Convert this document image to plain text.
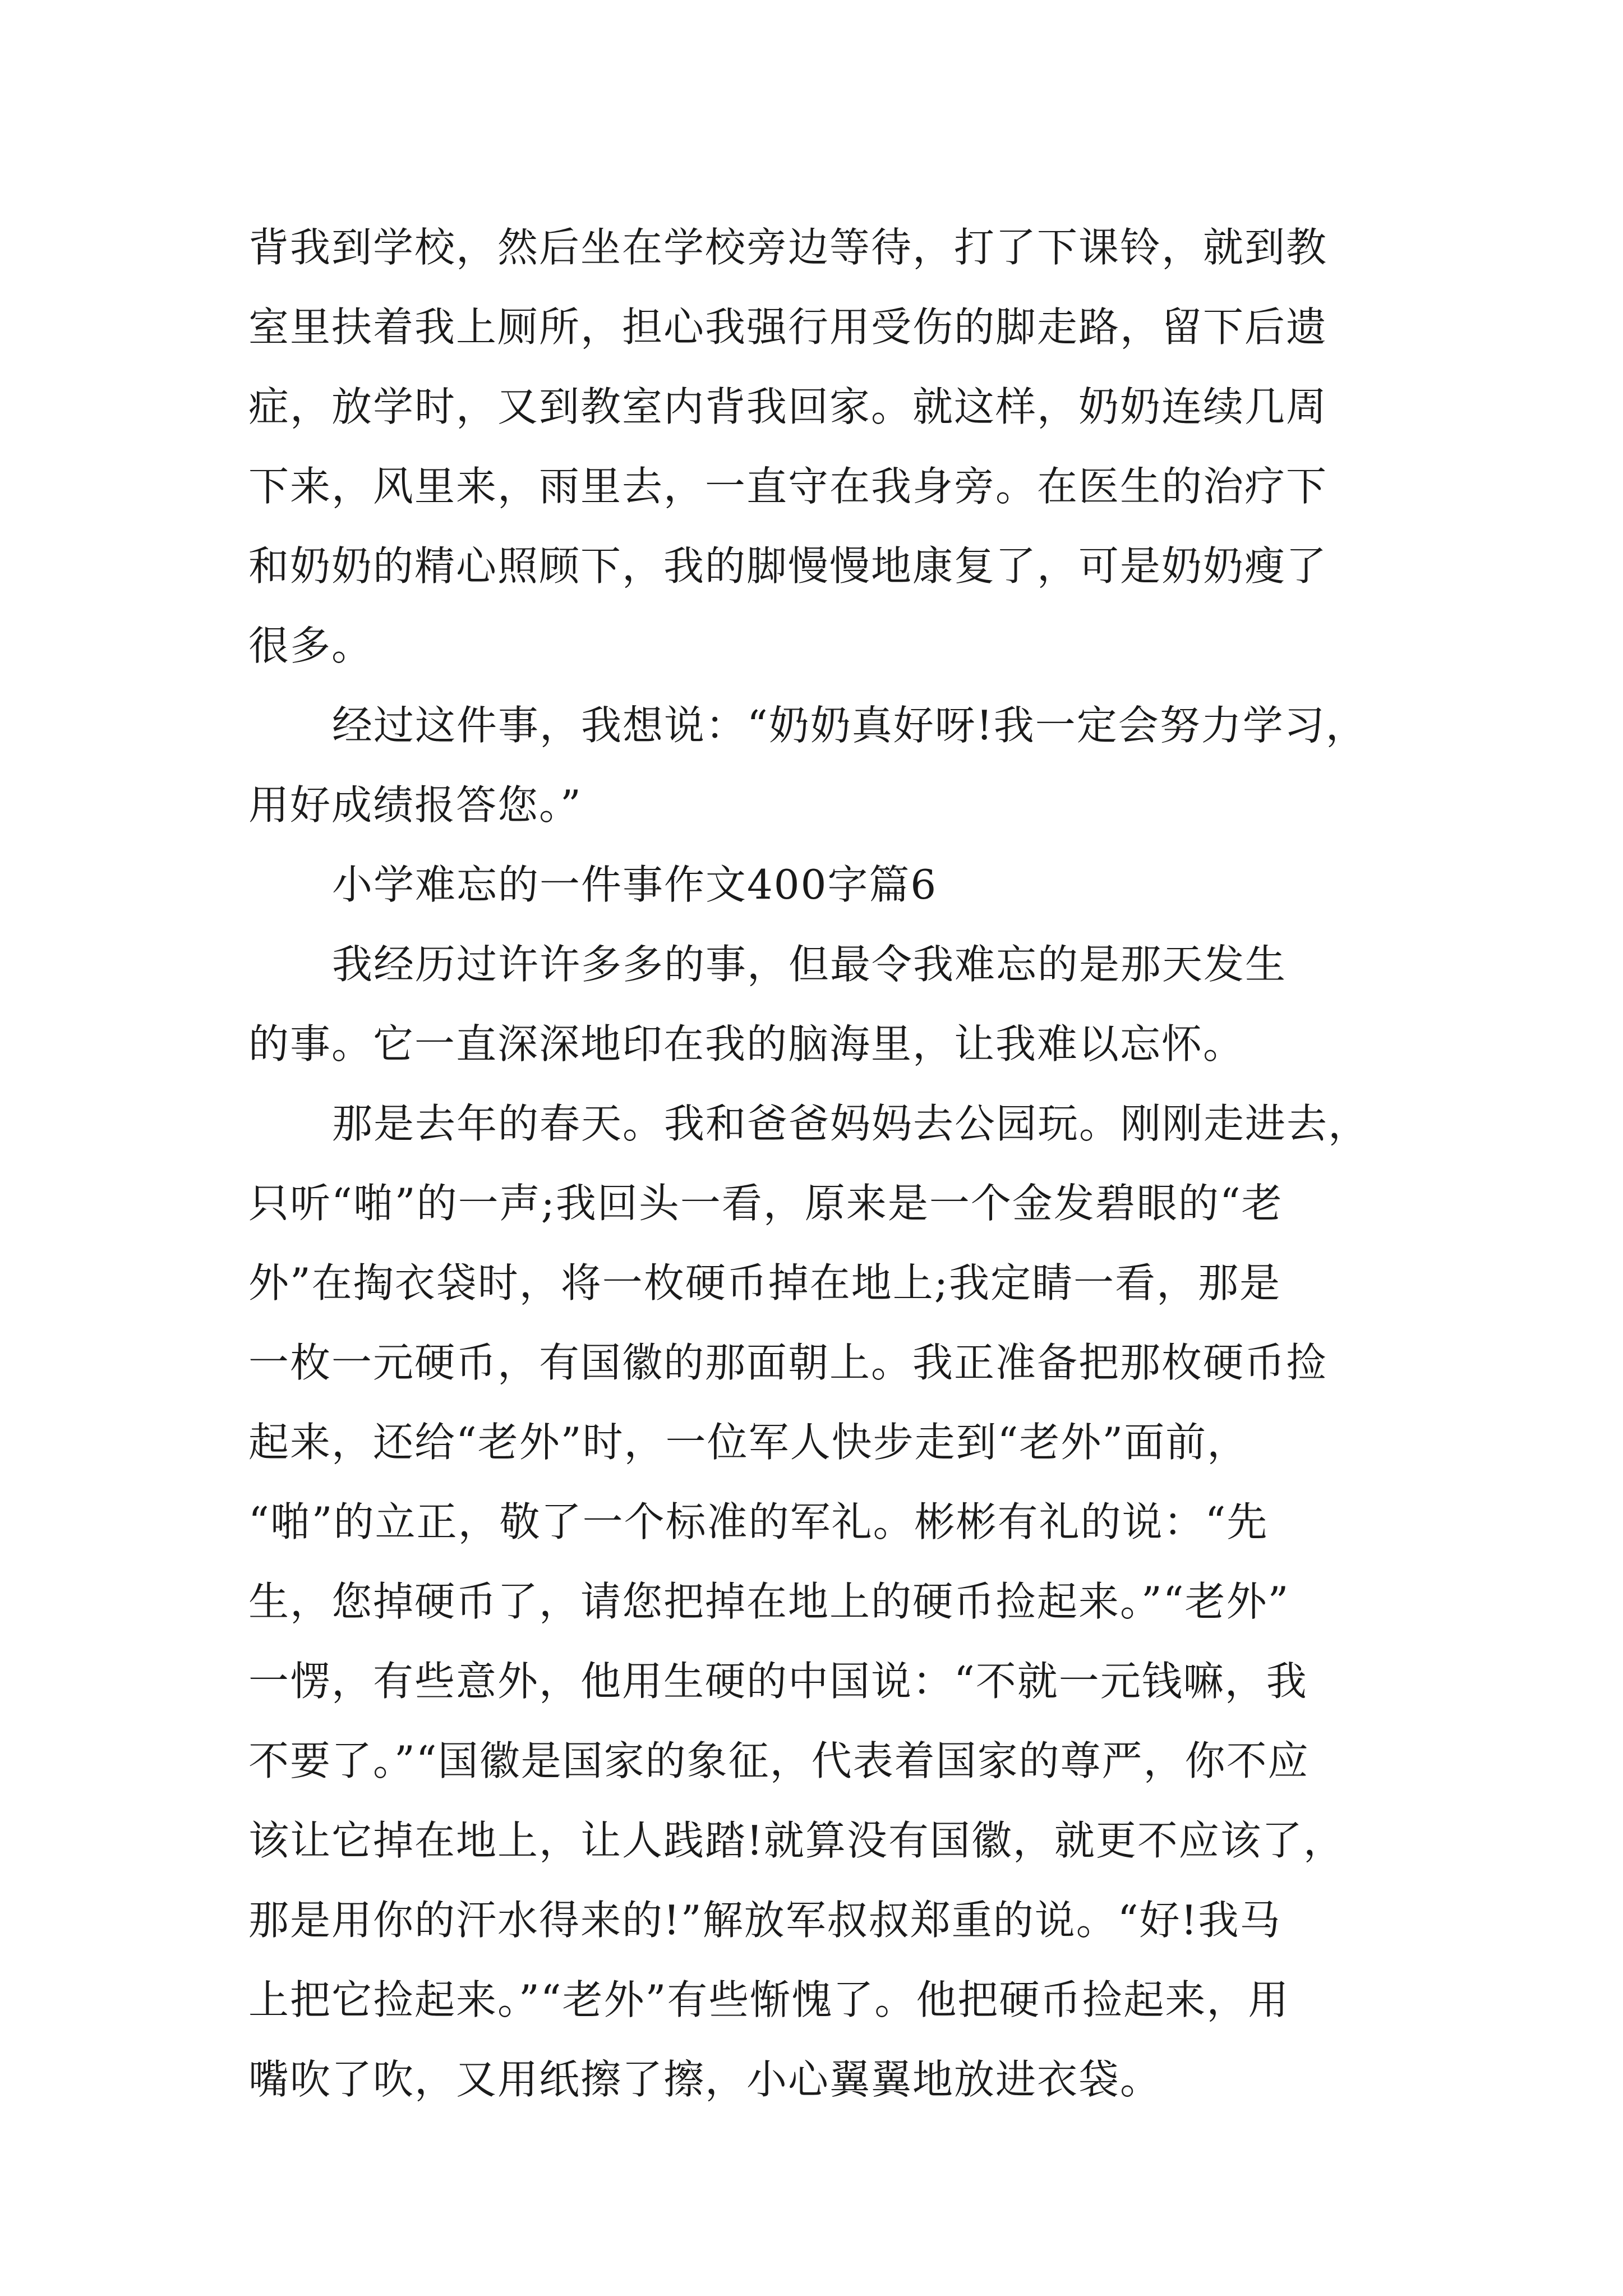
背我到学校，然后坐在学校旁边等待，打了下课铃，就到教
室里扶着我上厕所，担心我强行用受伤的脚走路，留下后遗
症，放学时，又到教室内背我回家。就这样，奶奶连续几周
下来，风里来，雨里去，一直守在我身旁。在医生的治疗下
和奶奶的精心照顾下，我的脚慢慢地康复了，可是奶奶瘦了
很多。
经过这件事，我想说：“奶奶真好呀!我一定会努力学习，
用好成绩报答您。”
小学难忘的一件事作文400字篇6
我经历过许许多多的事，但最令我难忘的是那天发生
的事。它一直深深地印在我的脑海里，让我难以忘怀。
那是去年的春天。我和爸爸妈妈去公园玩。刚刚走进去，
只听“啪”的一声;我回头一看，原来是一个金发碧眼的“老
外”在掏衣袋时，将一枚硬币掉在地上;我定睛一看，那是
一枚一元硬币，有国徽的那面朝上。我正准备把那枚硬币捡
起来，还给“老外”时，一位军人快步走到“老外”面前，
“啪”的立正，敬了一个标准的军礼。彬彬有礼的说：“先
生，您掉硬币了，请您把掉在地上的硬币捡起来。”“老外”
一愣，有些意外，他用生硬的中国说：“不就一元钱嘛，我
不要了。”“国徽是国家的象征，代表着国家的尊严，你不应
该让它掉在地上，让人践踏!就算没有国徽，就更不应该了，
那是用你的汗水得来的!”解放军叔叔郑重的说。“好!我马
上把它捡起来。”“老外”有些惭愧了。他把硬币捡起来，用
嘴吹了吹，又用纸擦了擦，小心翼翼地放进衣袋。
